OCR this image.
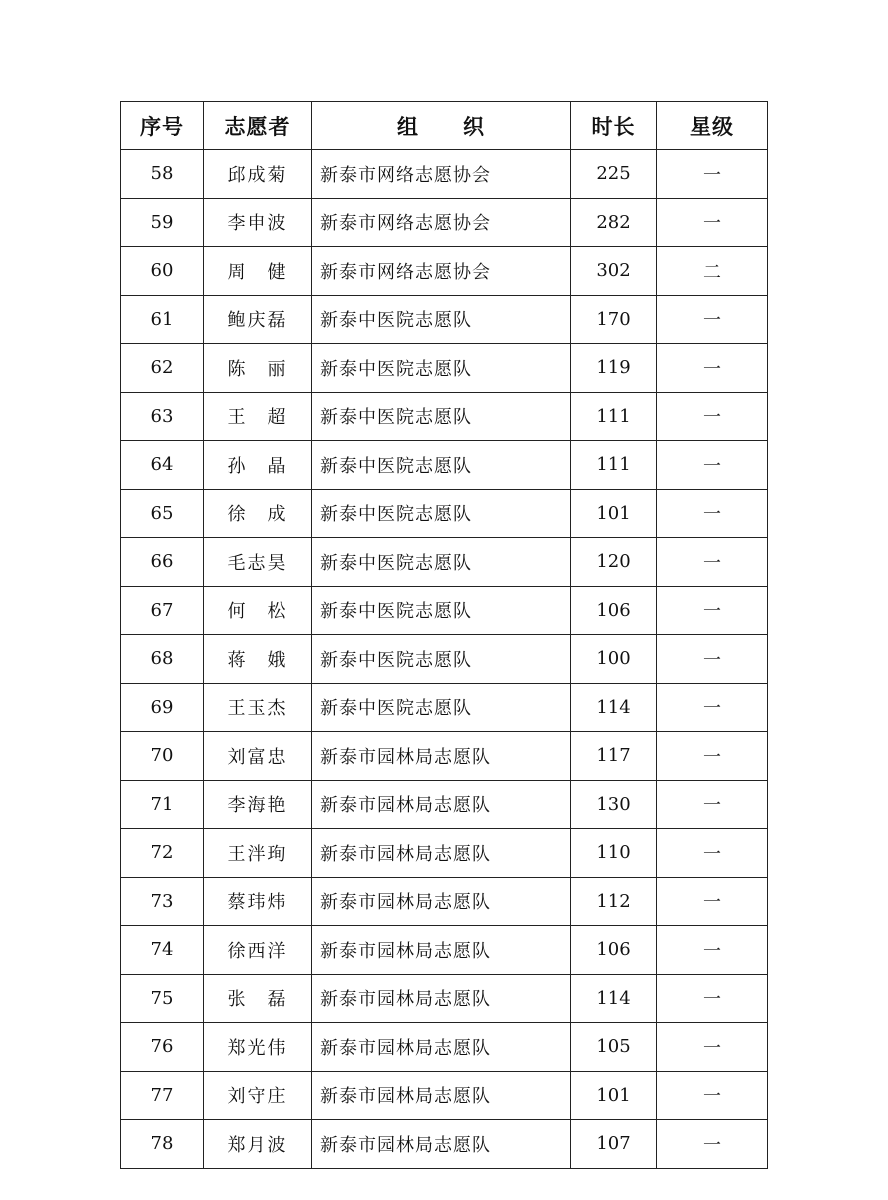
序号	志愿者	组　　织	时长	星级
58	邱成菊	新泰市网络志愿协会	225	一
59	李申波	新泰市网络志愿协会	282	一
60	周　健	新泰市网络志愿协会	302	二
61	鲍庆磊	新泰中医院志愿队	170	一
62	陈　丽	新泰中医院志愿队	119	一
63	王　超	新泰中医院志愿队	111	一
64	孙　晶	新泰中医院志愿队	111	一
65	徐　成	新泰中医院志愿队	101	一
66	毛志昊	新泰中医院志愿队	120	一
67	何　松	新泰中医院志愿队	106	一
68	蒋　娥	新泰中医院志愿队	100	一
69	王玉杰	新泰中医院志愿队	114	一
70	刘富忠	新泰市园林局志愿队	117	一
71	李海艳	新泰市园林局志愿队	130	一
72	王泮珣	新泰市园林局志愿队	110	一
73	蔡玮炜	新泰市园林局志愿队	112	一
74	徐西洋	新泰市园林局志愿队	106	一
75	张　磊	新泰市园林局志愿队	114	一
76	郑光伟	新泰市园林局志愿队	105	一
77	刘守庄	新泰市园林局志愿队	101	一
78	郑月波	新泰市园林局志愿队	107	一
